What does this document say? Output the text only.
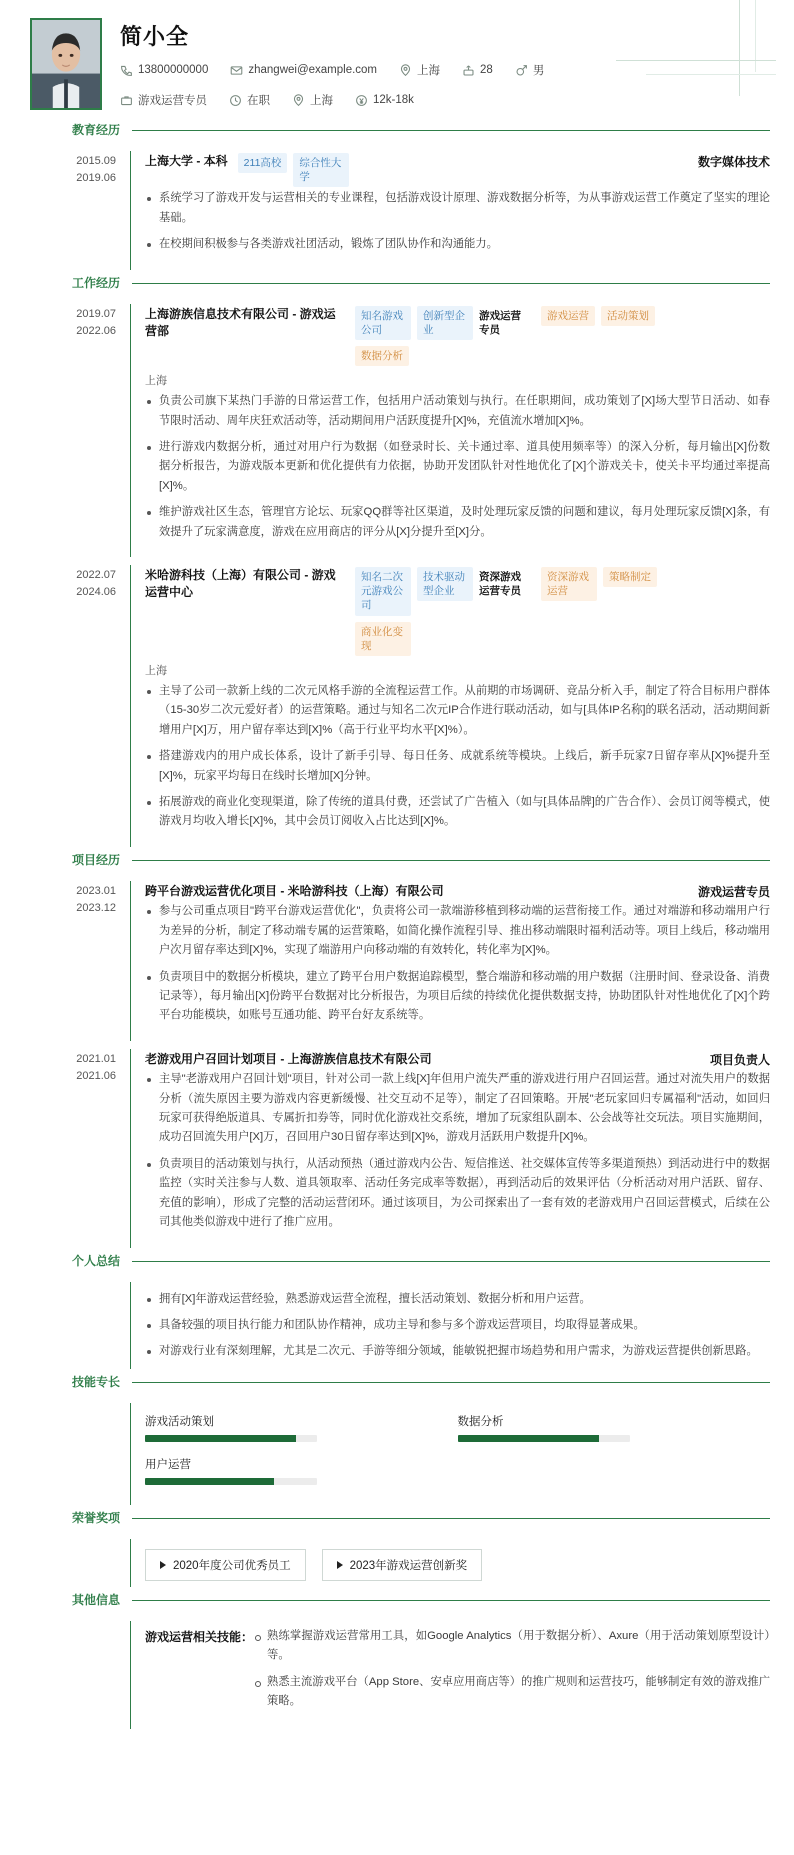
简小全
13800000000	zhangwei@example.com	上海	28	男
游戏运营专员	在职	上海	12k-18k
教育经历
2015.09
2019.06
上海大学 - 本科	211高校	综合性大学
数字媒体技术
系统学习了游戏开发与运营相关的专业课程，包括游戏设计原理、游戏数据分析等，为从事游戏运营工作奠定了坚实的理论基础。
在校期间积极参与各类游戏社团活动，锻炼了团队协作和沟通能力。
工作经历
2019.07
2022.06
上海游族信息技术有限公司 - 游戏运营部
知名游戏公司
创新型企业
游戏运营专员
游戏运营	活动策划
数据分析
上海
负责公司旗下某热门手游的日常运营工作，包括用户活动策划与执行。在任职期间，成功策划了[X]场大型节日活动、如春节限时活动、周年庆狂欢活动等，活动期间用户活跃度提升[X]%，充值流水增加[X]%。
进行游戏内数据分析，通过对用户行为数据（如登录时长、关卡通过率、道具使用频率等）的深入分析，每月输出[X]份数据分析报告，为游戏版本更新和优化提供有力依据，协助开发团队针对性地优化了[X]个游戏关卡，使关卡平均通过率提高[X]%。
维护游戏社区生态，管理官方论坛、玩家QQ群等社区渠道，及时处理玩家反馈的问题和建议，每月处理玩家反馈[X]条，有效提升了玩家满意度，游戏在应用商店的评分从[X]分提升至[X]分。
2022.07
2024.06
米哈游科技（上海）有限公司 - 游戏运营中心
知名二次元游戏公司
技术驱动型企业
资深游戏运营专员
资深游戏运营
策略制定
商业化变现
上海
主导了公司一款新上线的二次元风格手游的全流程运营工作。从前期的市场调研、竞品分析入手，制定了符合目标用户群体（15-30岁二次元爱好者）的运营策略。通过与知名二次元IP合作进行联动活动，如与[具体IP名称]的联名活动，活动期间新增用户[X]万，用户留存率达到[X]%（高于行业平均水平[X]%）。
搭建游戏内的用户成长体系，设计了新手引导、每日任务、成就系统等模块。上线后，新手玩家7日留存率从[X]%提升至[X]%，玩家平均每日在线时长增加[X]分钟。
拓展游戏的商业化变现渠道，除了传统的道具付费，还尝试了广告植入（如与[具体品牌]的广告合作）、会员订阅等模式，使游戏月均收入增长[X]%，其中会员订阅收入占比达到[X]%。
项目经历
2023.01
2023.12
跨平台游戏运营优化项目 - 米哈游科技（上海）有限公司	游戏运营专员
参与公司重点项目"跨平台游戏运营优化"，负责将公司一款端游移植到移动端的运营衔接工作。通过对端游和移动端用户行为差异的分析，制定了移动端专属的运营策略，如简化操作流程引导、推出移动端限时福利活动等。项目上线后，移动端用户次月留存率达到[X]%，实现了端游用户向移动端的有效转化，转化率为[X]%。
负责项目中的数据分析模块，建立了跨平台用户数据追踪模型，整合端游和移动端的用户数据（注册时间、登录设备、消费记录等），每月输出[X]份跨平台数据对比分析报告，为项目后续的持续优化提供数据支持，协助团队针对性地优化了[X]个跨平台功能模块，如账号互通功能、跨平台好友系统等。
2021.01
2021.06
老游戏用户召回计划项目 - 上海游族信息技术有限公司	项目负责人
主导"老游戏用户召回计划"项目，针对公司一款上线[X]年但用户流失严重的游戏进行用户召回运营。通过对流失用户的数据分析（流失原因主要为游戏内容更新缓慢、社交互动不足等），制定了召回策略。开展"老玩家回归专属福利"活动，如回归玩家可获得绝版道具、专属折扣券等，同时优化游戏社交系统，增加了玩家组队副本、公会战等社交玩法。项目实施期间，成功召回流失用户[X]万，召回用户30日留存率达到[X]%，游戏月活跃用户数提升[X]%。
负责项目的活动策划与执行，从活动预热（通过游戏内公告、短信推送、社交媒体宣传等多渠道预热）到活动进行中的数据监控（实时关注参与人数、道具领取率、活动任务完成率等数据），再到活动后的效果评估（分析活动对用户活跃、留存、充值的影响），形成了完整的活动运营闭环。通过该项目，为公司探索出了一套有效的老游戏用户召回运营模式，后续在公司其他类似游戏中进行了推广应用。
个人总结
拥有[X]年游戏运营经验，熟悉游戏运营全流程，擅长活动策划、数据分析和用户运营。
具备较强的项目执行能力和团队协作精神，成功主导和参与多个游戏运营项目，均取得显著成果。
对游戏行业有深刻理解，尤其是二次元、手游等细分领域，能敏锐把握市场趋势和用户需求，为游戏运营提供创新思路。
技能专长
游戏活动策划	数据分析
用户运营
荣誉奖项
2020年度公司优秀员工	2023年游戏运营创新奖
其他信息
游戏运营相关技能：	熟练掌握游戏运营常用工具，如Google Analytics（用于数据分析）、Axure（用于活动策划原型设计）等。
熟悉主流游戏平台（App Store、安卓应用商店等）的推广规则和运营技巧，能够制定有效的游戏推广策略。
